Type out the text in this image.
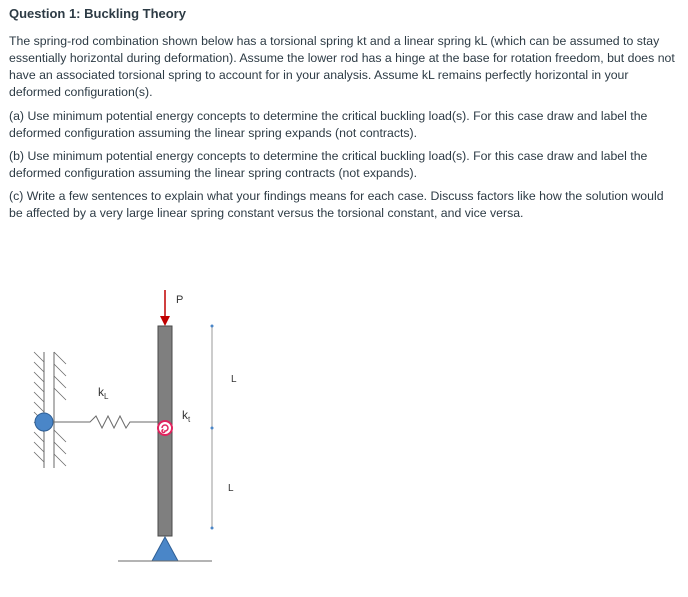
Question 1: Buckling Theory

The spring-rod combination shown below has a torsional spring kt and a linear spring kL (which can be assumed to stay essentially horizontal during deformation). Assume the lower rod has a hinge at the base for rotation freedom, but does not have an associated torsional spring to account for in your analysis. Assume kL remains perfectly horizontal in your deformed configuration(s).

(a) Use minimum potential energy concepts to determine the critical buckling load(s). For this case draw and label the deformed configuration assuming the linear spring expands (not contracts).

(b) Use minimum potential energy concepts to determine the critical buckling load(s). For this case draw and label the deformed configuration assuming the linear spring contracts (not expands).

(c) Write a few sentences to explain what your findings means for each case. Discuss factors like how the solution would be affected by a very large linear spring constant versus the torsional constant, and vice versa.

$k_L$
$k_t$
P
L
L
